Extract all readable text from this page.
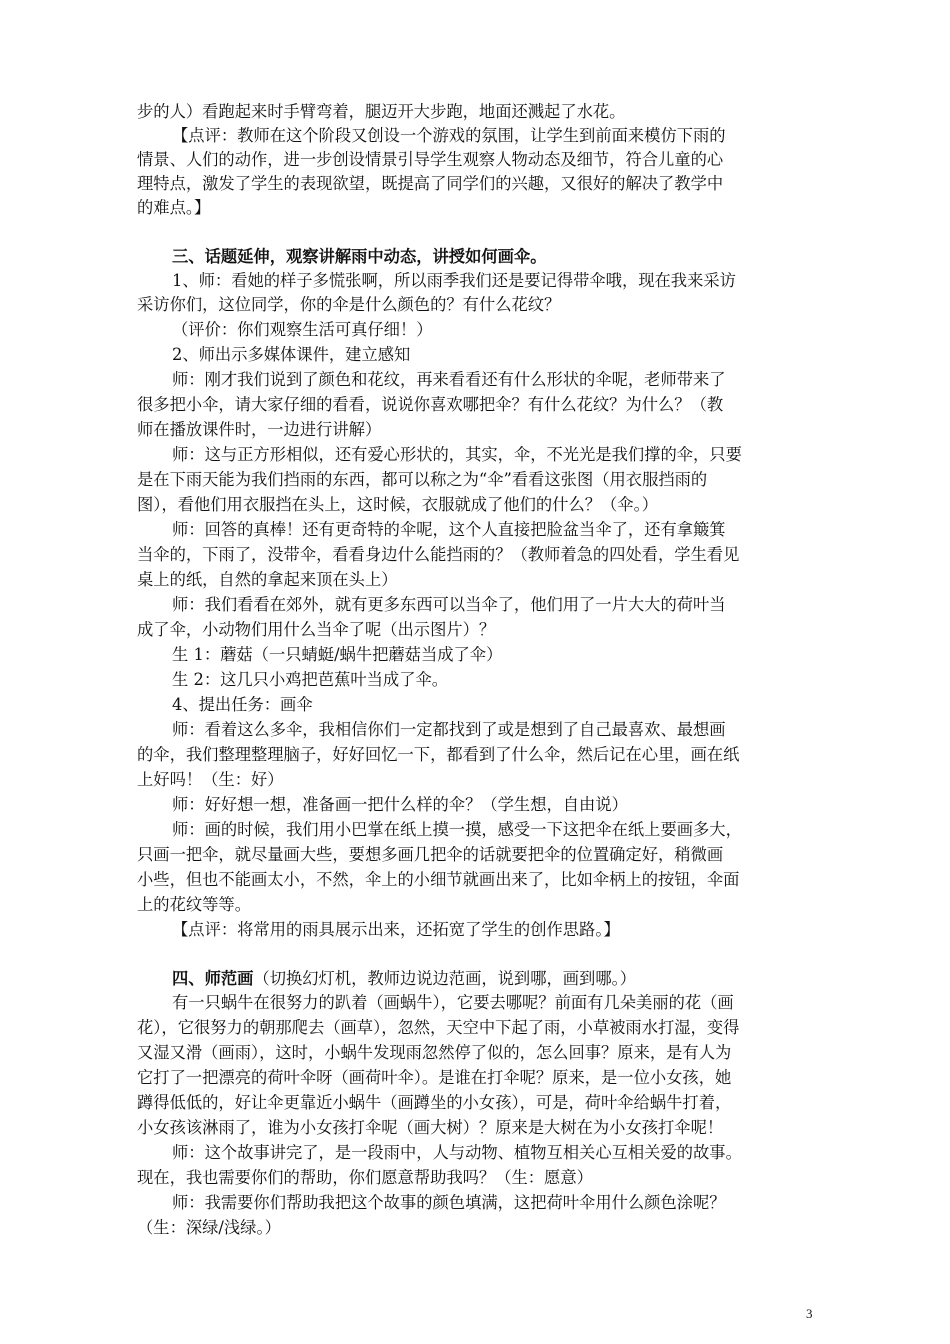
步的人）看跑起来时手臂弯着，腿迈开大步跑，地面还溅起了水花。
【点评：教师在这个阶段又创设一个游戏的氛围，让学生到前面来模仿下雨的
情景、人们的动作，进一步创设情景引导学生观察人物动态及细节，符合儿童的心
理特点，激发了学生的表现欲望，既提高了同学们的兴趣，又很好的解决了教学中
的难点。】
三、话题延伸，观察讲解雨中动态，讲授如何画伞。
1、师：看她的样子多慌张啊，所以雨季我们还是要记得带伞哦，现在我来采访
采访你们，这位同学，你的伞是什么颜色的？有什么花纹？
（评价：你们观察生活可真仔细！）
2、师出示多媒体课件，建立感知
师：刚才我们说到了颜色和花纹，再来看看还有什么形状的伞呢，老师带来了
很多把小伞，请大家仔细的看看，说说你喜欢哪把伞？有什么花纹？为什么？（教
师在播放课件时，一边进行讲解）
师：这与正方形相似，还有爱心形状的，其实，伞，不光光是我们撑的伞，只要
是在下雨天能为我们挡雨的东西，都可以称之为“伞”看看这张图（用衣服挡雨的
图），看他们用衣服挡在头上，这时候，衣服就成了他们的什么？（伞。）
师：回答的真棒！还有更奇特的伞呢，这个人直接把脸盆当伞了，还有拿簸箕
当伞的，下雨了，没带伞，看看身边什么能挡雨的？（教师着急的四处看，学生看见
桌上的纸，自然的拿起来顶在头上）
师：我们看看在郊外，就有更多东西可以当伞了，他们用了一片大大的荷叶当
成了伞，小动物们用什么当伞了呢（出示图片）？
生 1：蘑菇（一只蜻蜓/蜗牛把蘑菇当成了伞）
生 2：这几只小鸡把芭蕉叶当成了伞。
4、提出任务：画伞
师：看着这么多伞，我相信你们一定都找到了或是想到了自己最喜欢、最想画
的伞，我们整理整理脑子，好好回忆一下，都看到了什么伞，然后记在心里，画在纸
上好吗！（生：好）
师：好好想一想，准备画一把什么样的伞？（学生想，自由说）
师：画的时候，我们用小巴掌在纸上摸一摸，感受一下这把伞在纸上要画多大，
只画一把伞，就尽量画大些，要想多画几把伞的话就要把伞的位置确定好，稍微画
小些，但也不能画太小，不然，伞上的小细节就画出来了，比如伞柄上的按钮，伞面
上的花纹等等。
【点评：将常用的雨具展示出来，还拓宽了学生的创作思路。】
四、师范画（切换幻灯机，教师边说边范画，说到哪，画到哪。）
有一只蜗牛在很努力的趴着（画蜗牛），它要去哪呢？前面有几朵美丽的花（画
花），它很努力的朝那爬去（画草），忽然，天空中下起了雨，小草被雨水打湿，变得
又湿又滑（画雨），这时，小蜗牛发现雨忽然停了似的，怎么回事？原来，是有人为
它打了一把漂亮的荷叶伞呀（画荷叶伞）。是谁在打伞呢？原来，是一位小女孩，她
蹲得低低的，好让伞更靠近小蜗牛（画蹲坐的小女孩），可是，荷叶伞给蜗牛打着，
小女孩该淋雨了，谁为小女孩打伞呢（画大树）？原来是大树在为小女孩打伞呢！
师：这个故事讲完了，是一段雨中，人与动物、植物互相关心互相关爱的故事。
现在，我也需要你们的帮助，你们愿意帮助我吗？（生：愿意）
师：我需要你们帮助我把这个故事的颜色填满，这把荷叶伞用什么颜色涂呢？
（生：深绿/浅绿。）
3
